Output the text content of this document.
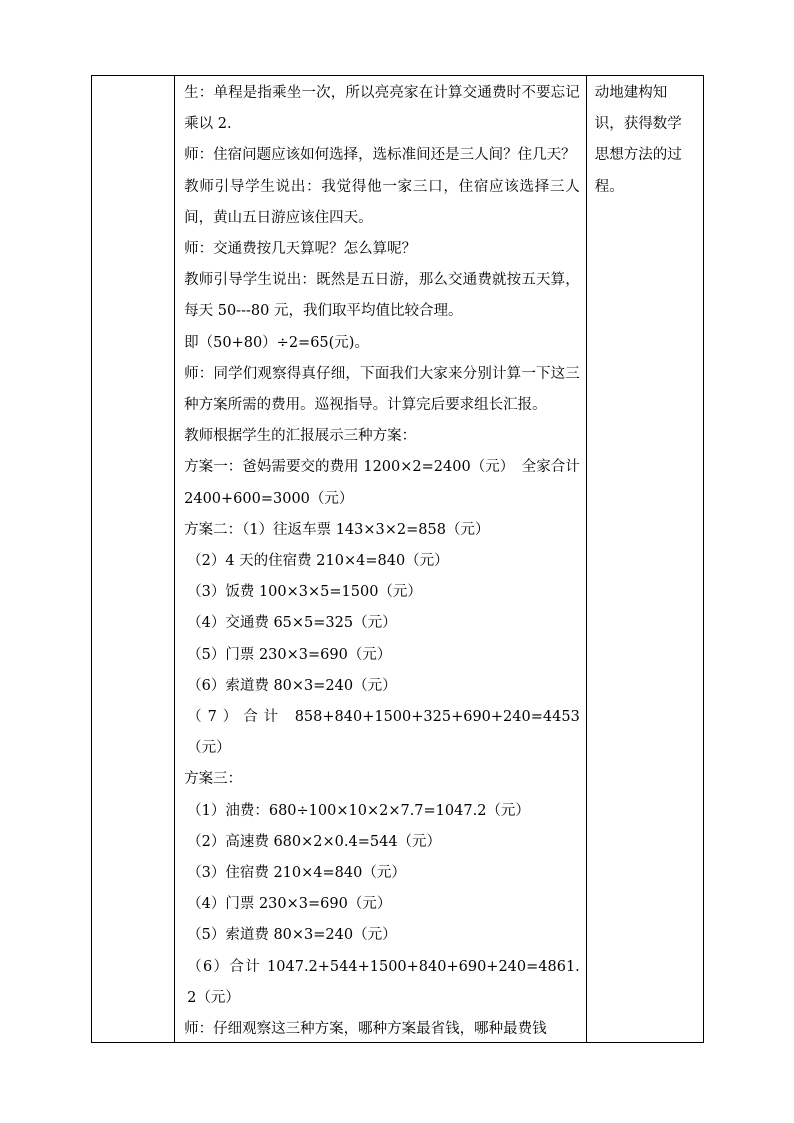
生：单程是指乘坐一次，所以亮亮家在计算交通费时不要忘记乘以 2.

师：住宿问题应该如何选择，选标准间还是三人间？住几天？

教师引导学生说出：我觉得他一家三口，住宿应该选择三人间，黄山五日游应该住四天。

师：交通费按几天算呢？怎么算呢？

教师引导学生说出：既然是五日游，那么交通费就按五天算，每天 50---80 元，我们取平均值比较合理。

即（50+80）÷2=65(元)。

师：同学们观察得真仔细，下面我们大家来分别计算一下这三种方案所需的费用。巡视指导。计算完后要求组长汇报。

教师根据学生的汇报展示三种方案：

方案一：爸妈需要交的费用 1200×2=2400（元）　全家合计 2400+600=3000（元）

方案二：（1）往返车票 143×3×2=858（元）

（2）4 天的住宿费 210×4=840（元）

（3）饭费 100×3×5=1500（元）

（4）交通费 65×5=325（元）

（5）门票 230×3=690（元）

（6）索道费 80×3=240（元）

（7）合计 858+840+1500+325+690+240=4453（元）

方案三：

（1）油费：680÷100×10×2×7.7=1047.2（元）

（2）高速费 680×2×0.4=544（元）

（3）住宿费 210×4=840（元）

（4）门票 230×3=690（元）

（5）索道费 80×3=240（元）

（6）合计 1047.2+544+1500+840+690+240=4861.2（元）

师：仔细观察这三种方案，哪种方案最省钱，哪种最费钱

动地建构知识，获得数学思想方法的过程。
